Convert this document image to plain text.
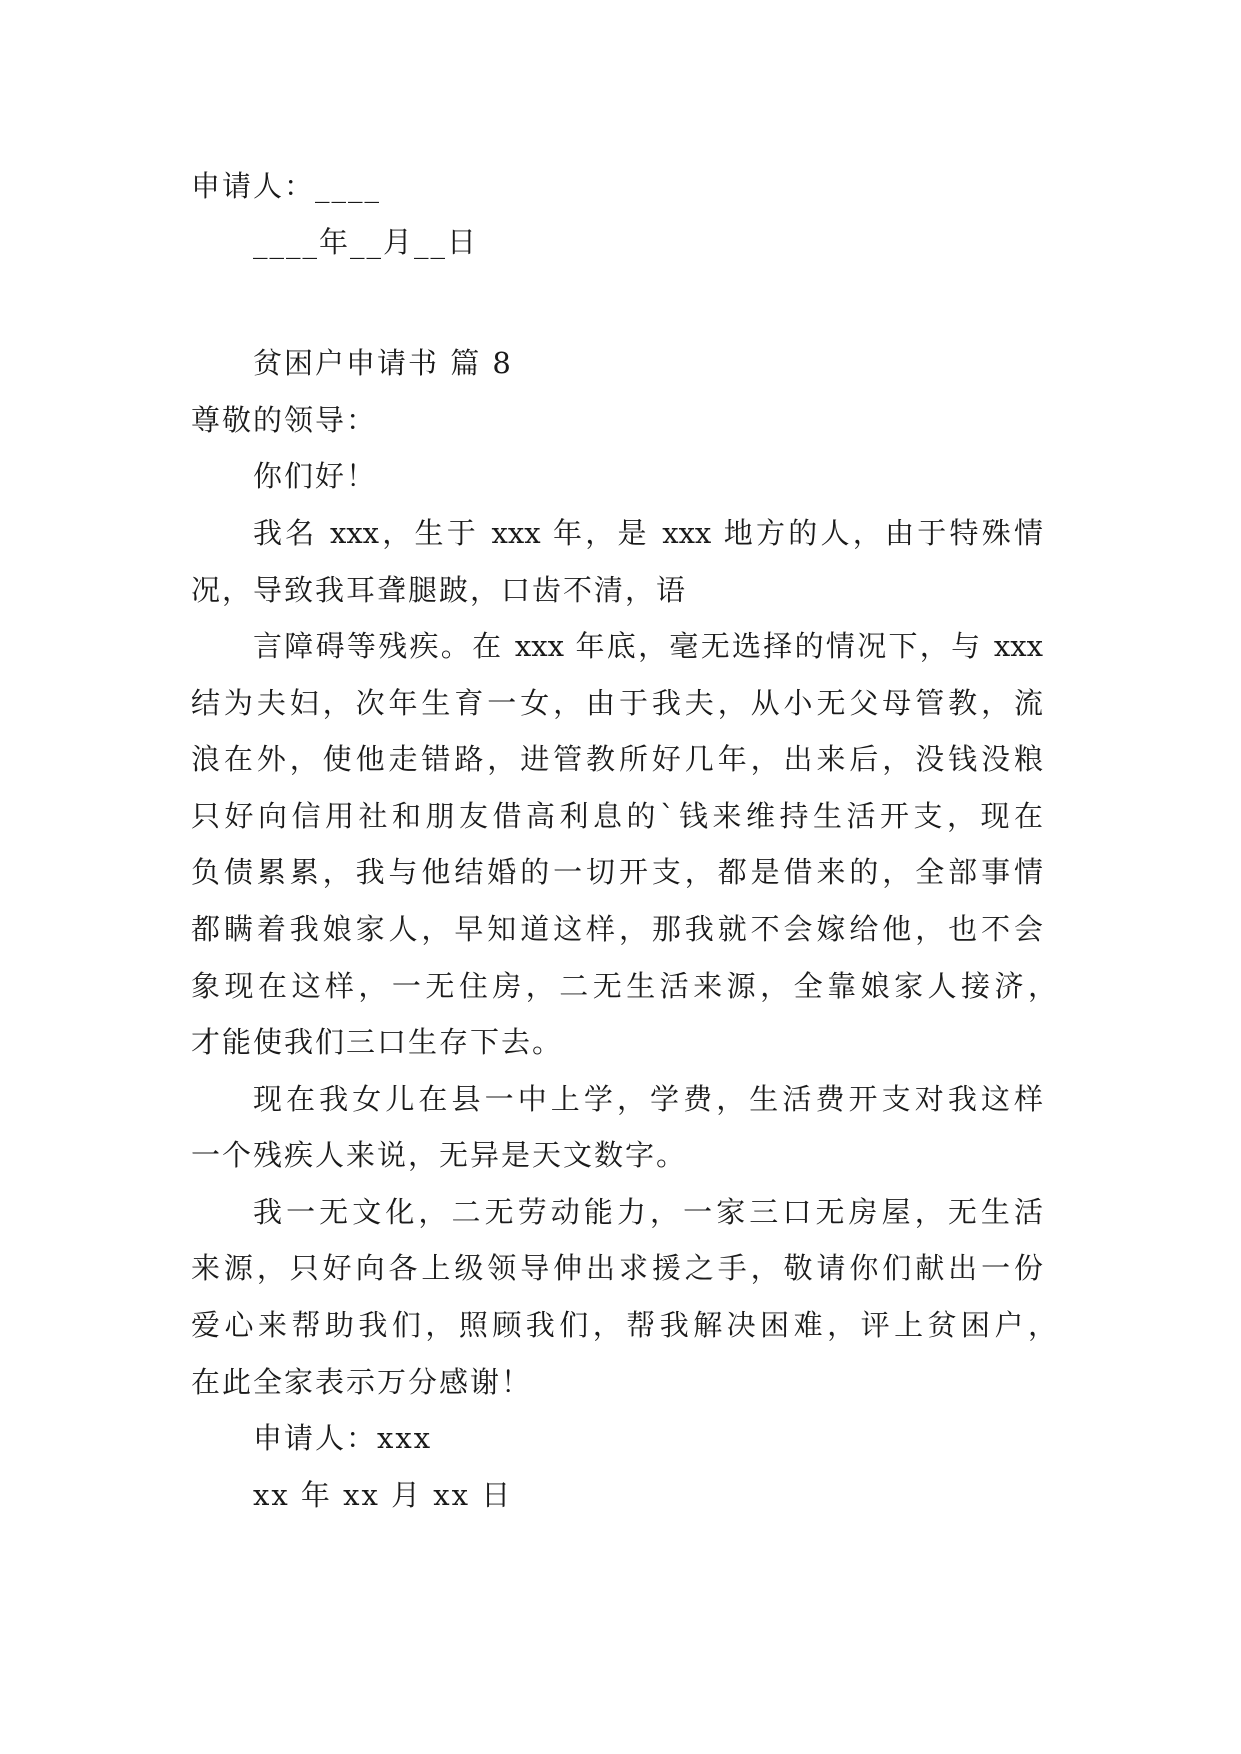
申请人：____
____年__月__日
贫困户申请书 篇 8
尊敬的领导：
你们好！
我名 xxx，生于 xxx 年，是 xxx 地方的人，由于特殊情
况，导致我耳聋腿跛，口齿不清，语
言障碍等残疾。在 xxx 年底，毫无选择的情况下，与 xxx
结为夫妇，次年生育一女，由于我夫，从小无父母管教，流
浪在外，使他走错路，进管教所好几年，出来后，没钱没粮
只好向信用社和朋友借高利息的`钱来维持生活开支，现在
负债累累，我与他结婚的一切开支，都是借来的，全部事情
都瞒着我娘家人，早知道这样，那我就不会嫁给他，也不会
象现在这样，一无住房，二无生活来源，全靠娘家人接济，
才能使我们三口生存下去。
现在我女儿在县一中上学，学费，生活费开支对我这样
一个残疾人来说，无异是天文数字。
我一无文化，二无劳动能力，一家三口无房屋，无生活
来源，只好向各上级领导伸出求援之手，敬请你们献出一份
爱心来帮助我们，照顾我们，帮我解决困难，评上贫困户，
在此全家表示万分感谢！
申请人：xxx
xx 年 xx 月 xx 日
